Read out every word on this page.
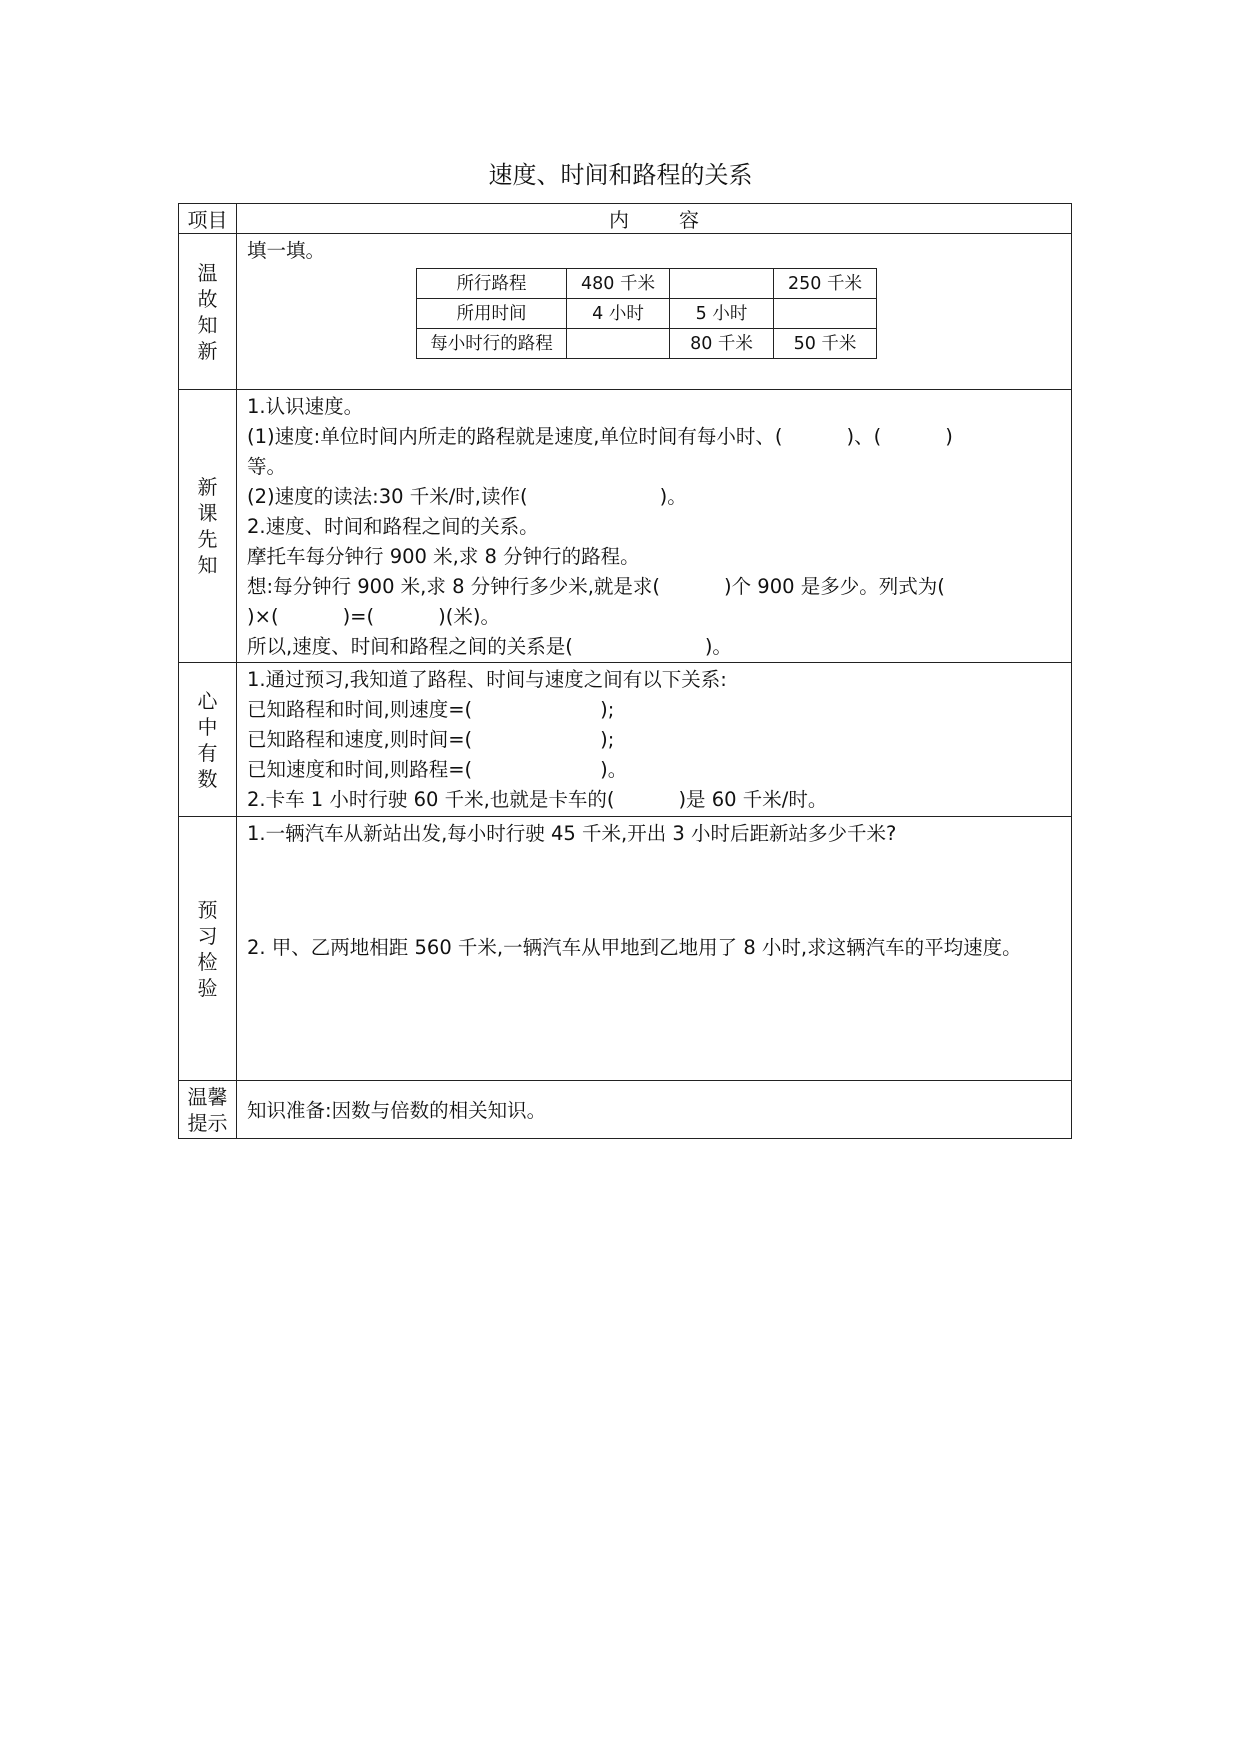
速度、时间和路程的关系
项目	内容
温故知新	
填一填。
所行路程	480 千米		250 千米
所用时间	4 小时	5 小时	
每小时行的路程		80 千米	50 千米

新课先知	
1.认识速度。
(1)速度:单位时间内所走的路程就是速度,单位时间有每小时、(	)、(	)
等。
(2)速度的读法:30 千米/时,读作(	)。
2.速度、时间和路程之间的关系。
摩托车每分钟行 900 米,求 8 分钟行的路程。
想:每分钟行 900 米,求 8 分钟行多少米,就是求(	)个 900 是多少。列式为(
)×(	)=(	)(米)。
所以,速度、时间和路程之间的关系是(	)。

心中有数	
1.通过预习,我知道了路程、时间与速度之间有以下关系:
已知路程和时间,则速度=(	);
已知路程和速度,则时间=(	);
已知速度和时间,则路程=(	)。
2.卡车 1 小时行驶 60 千米,也就是卡车的(	)是 60 千米/时。

预习检验	
1.一辆汽车从新站出发,每小时行驶 45 千米,开出 3 小时后距新站多少千米?
2. 甲、乙两地相距 560 千米,一辆汽车从甲地到乙地用了 8 小时,求这辆汽车的平均速度。

温馨提示	
知识准备:因数与倍数的相关知识。
